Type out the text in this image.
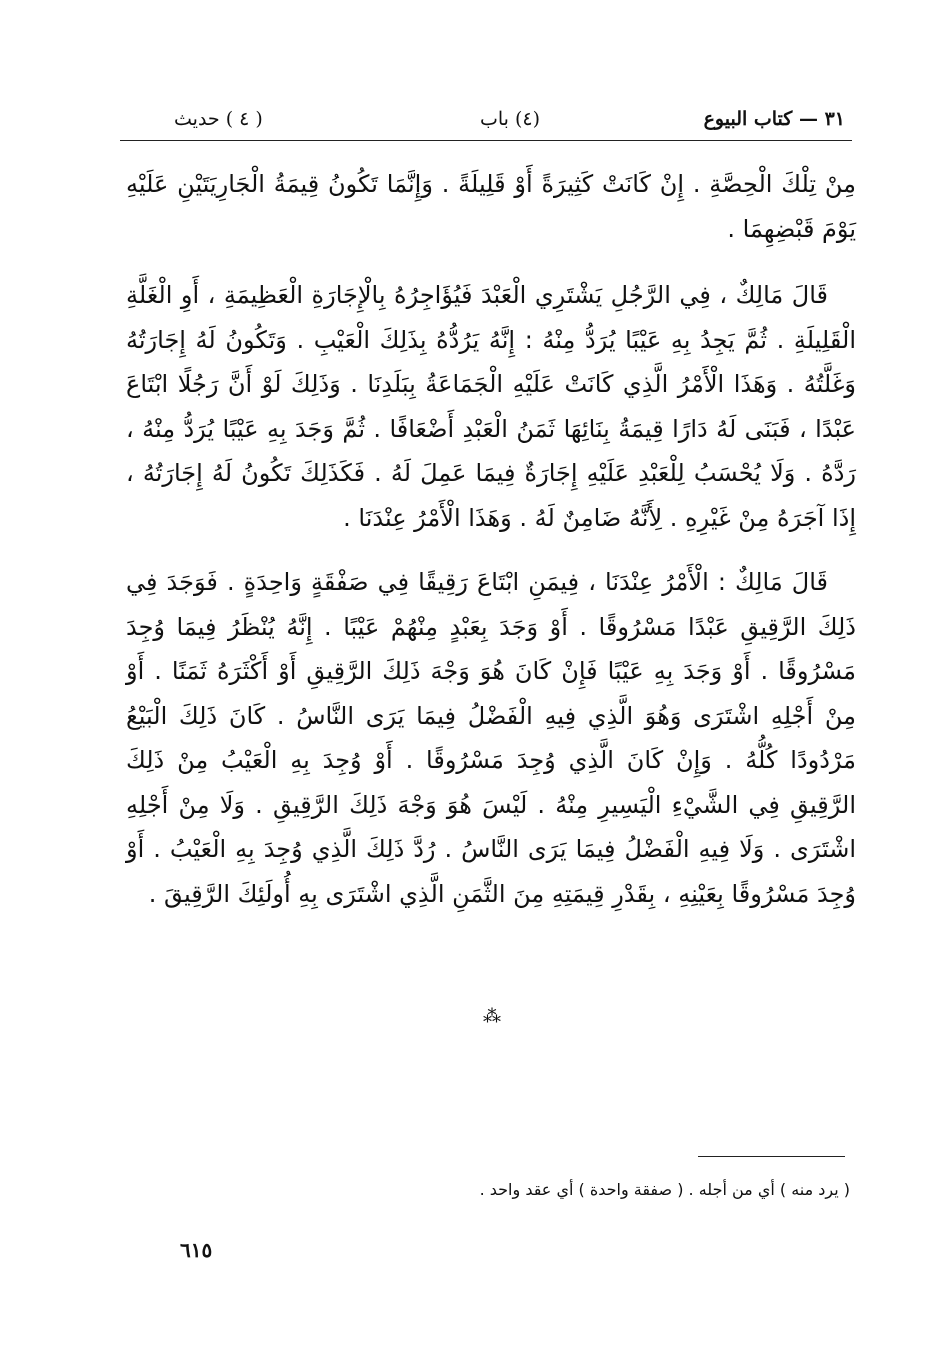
٣١ — كتاب البيوع
(٤) باب
( ٤ ) حديث

مِنْ تِلْكَ الْحِصَّةِ . إِنْ كَانَتْ كَثِيرَةً أَوْ قَلِيلَةً . وَإِنَّمَا تَكُونُ قِيمَةُ الْجَارِيَتَيْنِ عَلَيْهِ يَوْمَ قَبْضِهِمَا .

قَالَ مَالِكٌ ، فِي الرَّجُلِ يَشْتَرِي الْعَبْدَ فَيُؤَاجِرُهُ بِالْإِجَارَةِ الْعَظِيمَةِ ، أَوِ الْغَلَّةِ الْقَلِيلَةِ . ثُمَّ يَجِدُ بِهِ عَيْبًا يُرَدُّ مِنْهُ : إِنَّهُ يَرُدُّهُ بِذَلِكَ الْعَيْبِ . وَتَكُونُ لَهُ إِجَارَتُهُ وَغَلَّتُهُ . وَهَذَا الْأَمْرُ الَّذِي كَانَتْ عَلَيْهِ الْجَمَاعَةُ بِبَلَدِنَا . وَذَلِكَ لَوْ أَنَّ رَجُلًا ابْتَاعَ عَبْدًا ، فَبَنَى لَهُ دَارًا قِيمَةُ بِنَائِهَا ثَمَنُ الْعَبْدِ أَضْعَافًا . ثُمَّ وَجَدَ بِهِ عَيْبًا يُرَدُّ مِنْهُ ، رَدَّهُ . وَلَا يُحْسَبُ لِلْعَبْدِ عَلَيْهِ إِجَارَةٌ فِيمَا عَمِلَ لَهُ . فَكَذَلِكَ تَكُونُ لَهُ إِجَارَتُهُ ، إِذَا آجَرَهُ مِنْ غَيْرِهِ . لِأَنَّهُ ضَامِنٌ لَهُ . وَهَذَا الْأَمْرُ عِنْدَنَا .

قَالَ مَالِكٌ : الْأَمْرُ عِنْدَنَا ، فِيمَنِ ابْتَاعَ رَقِيقًا فِي صَفْقَةٍ وَاحِدَةٍ . فَوَجَدَ فِي ذَلِكَ الرَّقِيقِ عَبْدًا مَسْرُوقًا . أَوْ وَجَدَ بِعَبْدٍ مِنْهُمْ عَيْبًا . إِنَّهُ يُنْظَرُ فِيمَا وُجِدَ مَسْرُوقًا . أَوْ وَجَدَ بِهِ عَيْبًا فَإِنْ كَانَ هُوَ وَجْهَ ذَلِكَ الرَّقِيقِ أَوْ أَكْثَرَهُ ثَمَنًا . أَوْ مِنْ أَجْلِهِ اشْتَرَى وَهُوَ الَّذِي فِيهِ الْفَضْلُ فِيمَا يَرَى النَّاسُ . كَانَ ذَلِكَ الْبَيْعُ مَرْدُودًا كُلُّهُ . وَإِنْ كَانَ الَّذِي وُجِدَ مَسْرُوقًا . أَوْ وُجِدَ بِهِ الْعَيْبُ مِنْ ذَلِكَ الرَّقِيقِ فِي الشَّيْءِ الْيَسِيرِ مِنْهُ . لَيْسَ هُوَ وَجْهَ ذَلِكَ الرَّقِيقِ . وَلَا مِنْ أَجْلِهِ اشْتَرَى . وَلَا فِيهِ الْفَضْلُ فِيمَا يَرَى النَّاسُ . رُدَّ ذَلِكَ الَّذِي وُجِدَ بِهِ الْعَيْبُ . أَوْ وُجِدَ مَسْرُوقًا بِعَيْنِهِ ، بِقَدْرِ قِيمَتِهِ مِنَ الثَّمَنِ الَّذِي اشْتَرَى بِهِ أُولَئِكَ الرَّقِيقَ .

⁂
( يرد منه ) أي من أجله . ( صفقة واحدة ) أي عقد واحد .
٦١٥
